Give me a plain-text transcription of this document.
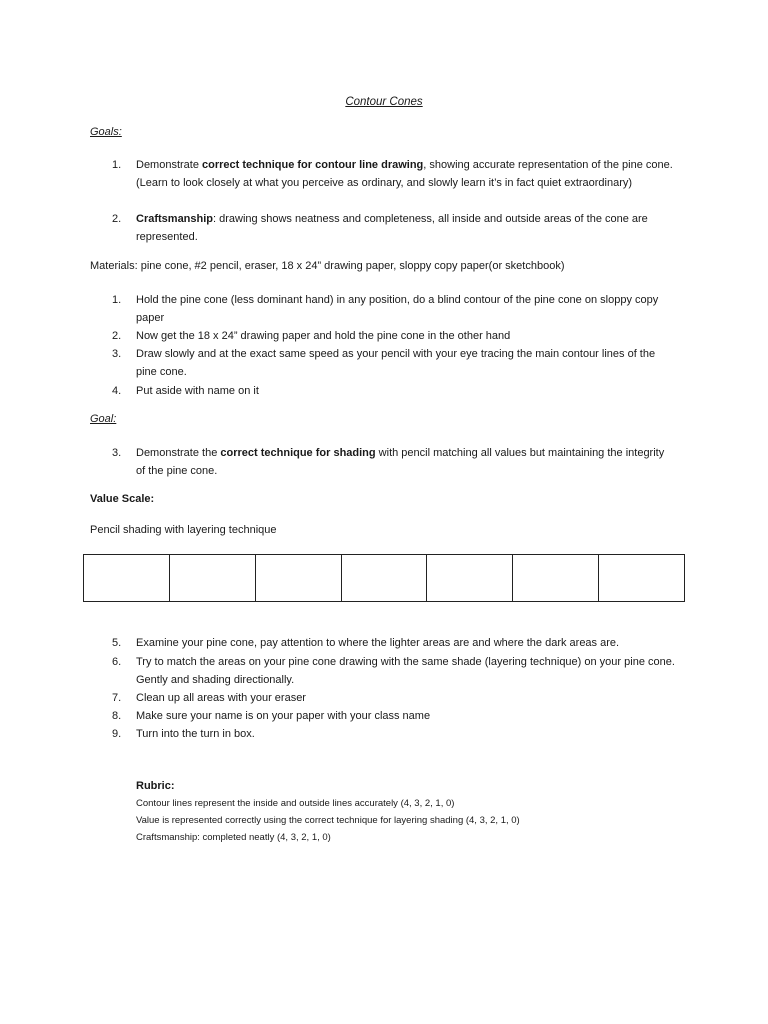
Contour Cones
Goals:
1.	Demonstrate correct technique for contour line drawing, showing accurate representation of the pine cone. (Learn to look closely at what you perceive as ordinary, and slowly learn it’s in fact quiet extraordinary)
2.	Craftsmanship: drawing shows neatness and completeness, all inside and outside areas of the cone are represented.
Materials: pine cone, #2 pencil, eraser, 18 x 24” drawing paper, sloppy copy paper(or sketchbook)
1.	Hold the pine cone (less dominant hand) in any position, do a blind contour of the pine cone on sloppy copy paper
2.	Now get the 18 x 24” drawing paper and hold the pine cone in the other hand
3.	Draw slowly and at the exact same speed as your pencil with your eye tracing the main contour lines of the pine cone.
4.	Put aside with name on it
Goal:
3.	Demonstrate the correct technique for shading with pencil matching all values but maintaining the integrity of the pine cone.
Value Scale:
Pencil shading with layering technique

5.	Examine your pine cone, pay attention to where the lighter areas are and where the dark areas are.
6.	Try to match the areas on your pine cone drawing with the same shade (layering technique) on your pine cone. Gently and shading directionally.
7.	Clean up all areas with your eraser
8.	Make sure your name is on your paper with your class name
9.	Turn into the turn in box.
Rubric:
Contour lines represent the inside and outside lines accurately (4, 3, 2, 1, 0)
Value is represented correctly using the correct technique for layering shading (4, 3, 2, 1, 0)
Craftsmanship: completed neatly (4, 3, 2, 1, 0)
